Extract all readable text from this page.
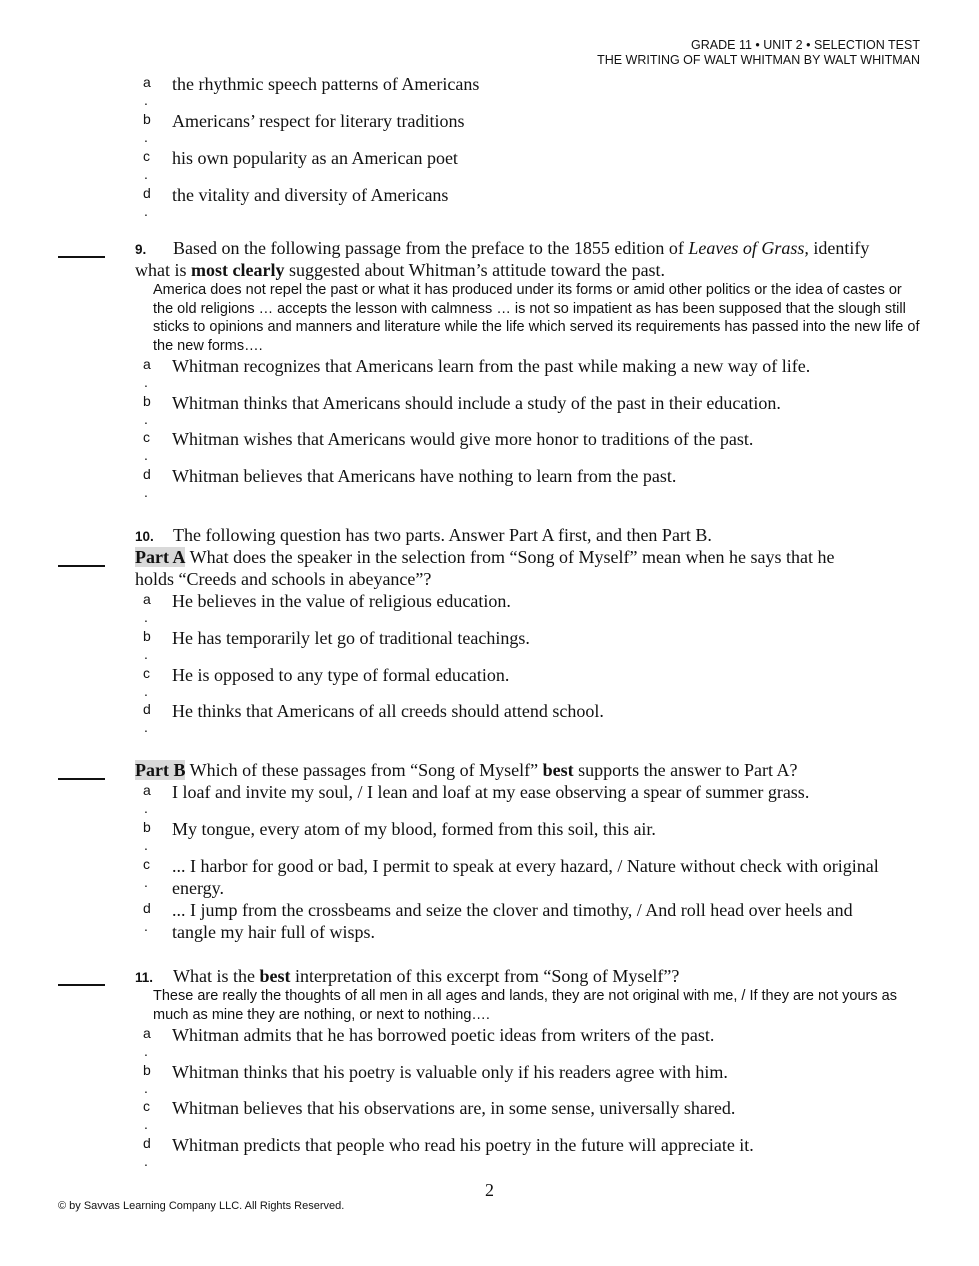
GRADE 11 • UNIT 2 • SELECTION TEST
THE WRITING OF WALT WHITMAN BY WALT WHITMAN
a
.
the rhythmic speech patterns of Americans
b
.
Americans’ respect for literary traditions
c
.
his own popularity as an American poet
d
.
the vitality and diversity of Americans
9. Based on the following passage from the preface to the 1855 edition of Leaves of Grass, identify
what is most clearly suggested about Whitman’s attitude toward the past.
America does not repel the past or what it has produced under its forms or amid other politics or the idea of castes or the old religions … accepts the lesson with calmness … is not so impatient as has been supposed that the slough still sticks to opinions and manners and literature while the life which served its requirements has passed into the new life of the new forms….
a
.
Whitman recognizes that Americans learn from the past while making a new way of life.
b
.
Whitman thinks that Americans should include a study of the past in their education.
c
.
Whitman wishes that Americans would give more honor to traditions of the past.
d
.
Whitman believes that Americans have nothing to learn from the past.
10. The following question has two parts. Answer Part A first, and then Part B.
Part A What does the speaker in the selection from “Song of Myself” mean when he says that he
holds “Creeds and schools in abeyance”?
a
.
He believes in the value of religious education.
b
.
He has temporarily let go of traditional teachings.
c
.
He is opposed to any type of formal education.
d
.
He thinks that Americans of all creeds should attend school.
Part B Which of these passages from “Song of Myself” best supports the answer to Part A?
a
.
I loaf and invite my soul, / I lean and loaf at my ease observing a spear of summer grass.
b
.
My tongue, every atom of my blood, formed from this soil, this air.
c
.
... I harbor for good or bad, I permit to speak at every hazard, / Nature without check with original energy.
d
.
... I jump from the crossbeams and seize the clover and timothy, / And roll head over heels and tangle my hair full of wisps.
11. What is the best interpretation of this excerpt from “Song of Myself”?
These are really the thoughts of all men in all ages and lands, they are not original with me, / If they are not yours as much as mine they are nothing, or next to nothing….
a
.
Whitman admits that he has borrowed poetic ideas from writers of the past.
b
.
Whitman thinks that his poetry is valuable only if his readers agree with him.
c
.
Whitman believes that his observations are, in some sense, universally shared.
d
.
Whitman predicts that people who read his poetry in the future will appreciate it.
2
© by Savvas Learning Company LLC. All Rights Reserved.
